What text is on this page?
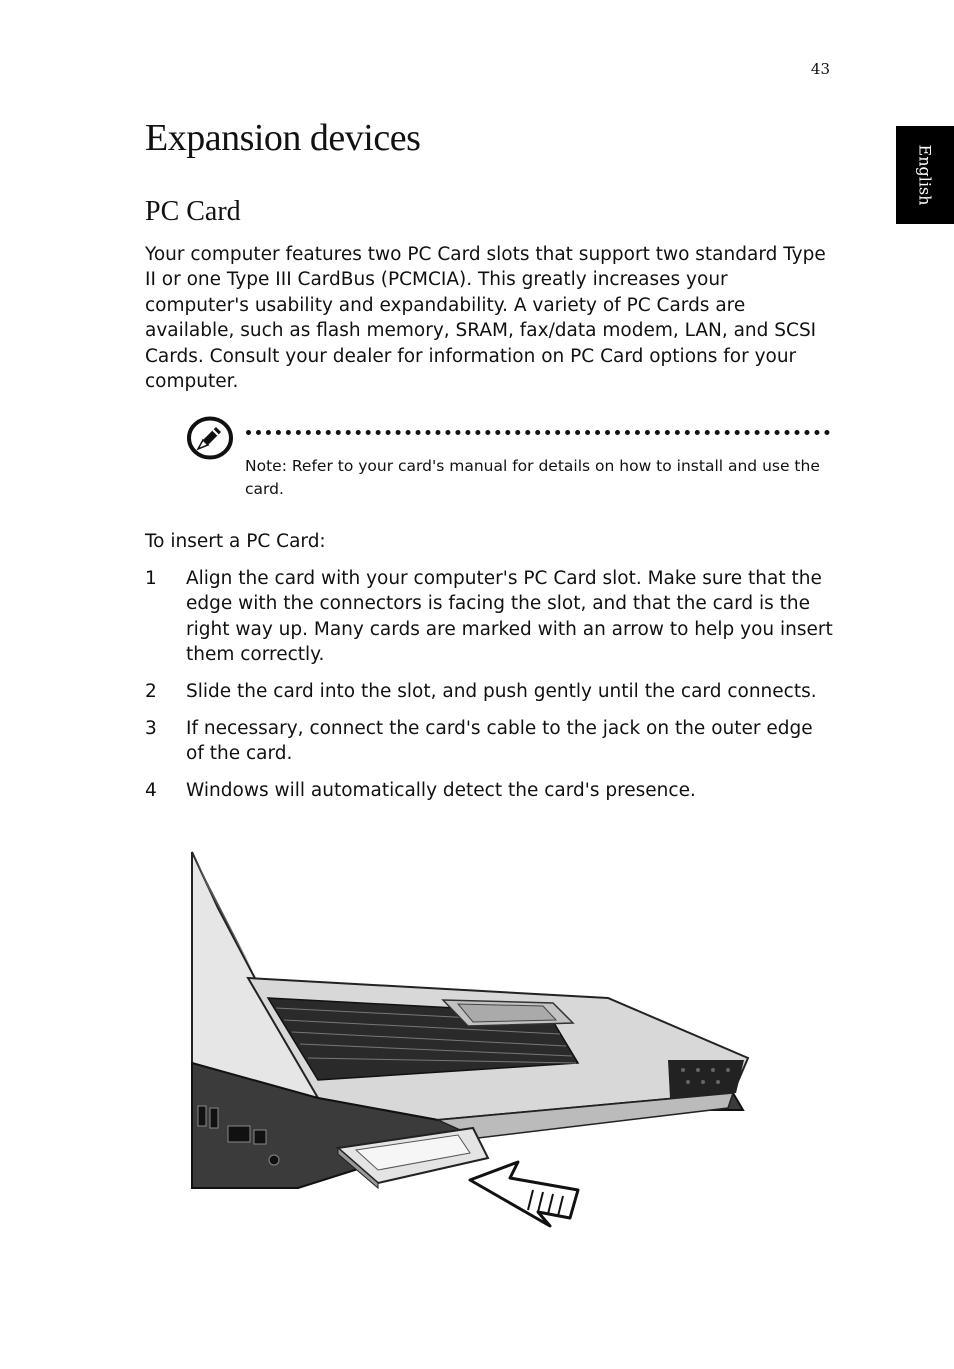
43
English
Expansion devices
PC Card

Your computer features two PC Card slots that support two standard Type II or one Type III CardBus (PCMCIA). This greatly increases your computer's usability and expandability. A variety of PC Cards are available, such as flash memory, SRAM, fax/data modem, LAN, and SCSI Cards. Consult your dealer for information on PC Card options for your computer.

Note: Refer to your card's manual for details on how to install and use the card.

To insert a PC Card:

1	Align the card with your computer's PC Card slot. Make sure that the edge with the connectors is facing the slot, and that the card is the right way up. Many cards are marked with an arrow to help you insert them correctly.
2	Slide the card into the slot, and push gently until the card connects.
3	If necessary, connect the card's cable to the jack on the outer edge of the card.
4	Windows will automatically detect the card's presence.
